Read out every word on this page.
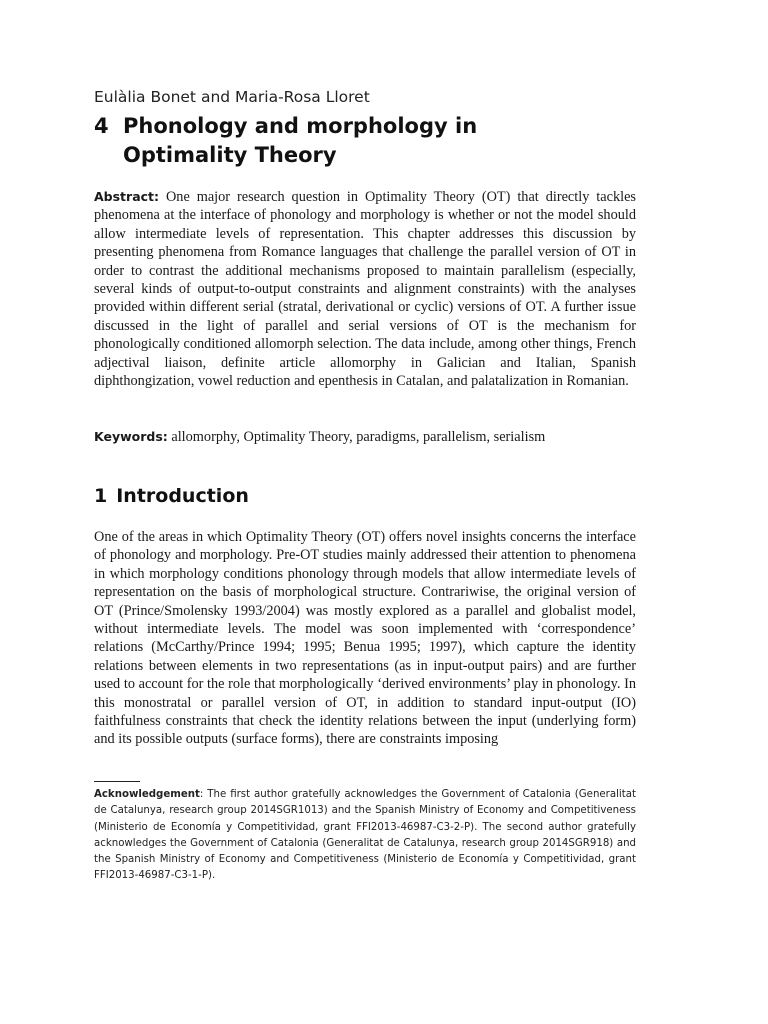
Eulàlia Bonet and Maria-Rosa Lloret
4 Phonology and morphology in Optimality Theory

Abstract: One major research question in Optimality Theory (OT) that directly tackles phenomena at the interface of phonology and morphology is whether or not the model should allow intermediate levels of representation. This chapter addresses this discussion by presenting phenomena from Romance languages that challenge the parallel version of OT in order to contrast the additional mechanisms proposed to maintain parallelism (especially, several kinds of output-to-output constraints and alignment constraints) with the analyses provided within different serial (stratal, derivational or cyclic) versions of OT. A further issue discussed in the light of parallel and serial versions of OT is the mechanism for phonologically conditioned allomorph selection. The data include, among other things, French adjectival liaison, definite article allomorphy in Galician and Italian, Spanish diphthongization, vowel reduction and epenthesis in Catalan, and palatalization in Romanian.

Keywords: allomorphy, Optimality Theory, paradigms, parallelism, serialism

1 Introduction

One of the areas in which Optimality Theory (OT) offers novel insights concerns the interface of phonology and morphology. Pre-OT studies mainly addressed their attention to phenomena in which morphology conditions phonology through models that allow intermediate levels of representation on the basis of morphological structure. Contrariwise, the original version of OT (Prince/Smolensky 1993/2004) was mostly explored as a parallel and globalist model, without intermediate levels. The model was soon implemented with ‘correspondence’ relations (McCarthy/Prince 1994; 1995; Benua 1995; 1997), which capture the identity relations between elements in two representations (as in input-output pairs) and are further used to account for the role that morphologically ‘derived environments’ play in phonology. In this monostratal or parallel version of OT, in addition to standard input-output (IO) faithfulness constraints that check the identity relations between the input (underlying form) and its possible outputs (surface forms), there are constraints imposing

Acknowledgement: The first author gratefully acknowledges the Government of Catalonia (Generalitat de Catalunya, research group 2014SGR1013) and the Spanish Ministry of Economy and Competitiveness (Ministerio de Economía y Competitividad, grant FFI2013-46987-C3-2-P). The second author gratefully acknowledges the Government of Catalonia (Generalitat de Catalunya, research group 2014SGR918) and the Spanish Ministry of Economy and Competitiveness (Ministerio de Economía y Competitividad, grant FFI2013-46987-C3-1-P).
